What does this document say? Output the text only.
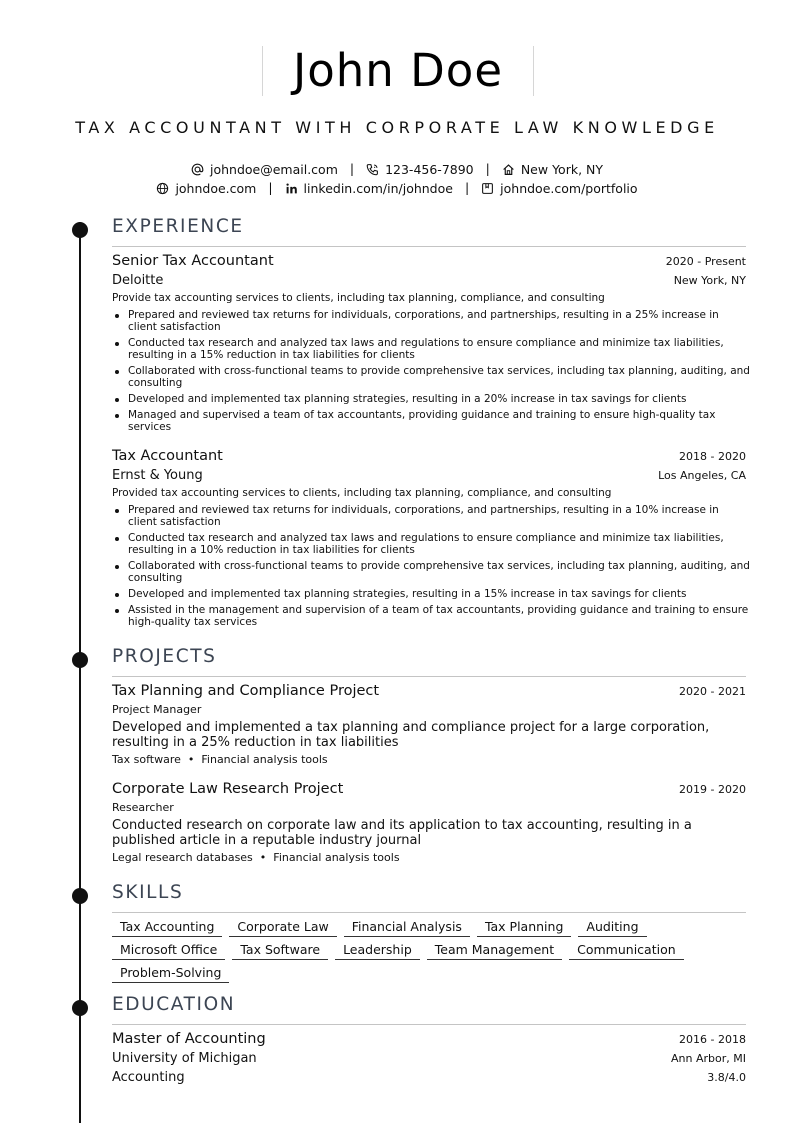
John Doe
TAX ACCOUNTANT WITH CORPORATE LAW KNOWLEDGE
johndoe@email.com | 123-456-7890 | New York, NY
johndoe.com | linkedin.com/in/johndoe | johndoe.com/portfolio
EXPERIENCE
Senior Tax Accountant	2020 - Present
Deloitte	New York, NY
Provide tax accounting services to clients, including tax planning, compliance, and consulting
Prepared and reviewed tax returns for individuals, corporations, and partnerships, resulting in a 25% increase in client satisfaction
Conducted tax research and analyzed tax laws and regulations to ensure compliance and minimize tax liabilities, resulting in a 15% reduction in tax liabilities for clients
Collaborated with cross-functional teams to provide comprehensive tax services, including tax planning, auditing, and consulting
Developed and implemented tax planning strategies, resulting in a 20% increase in tax savings for clients
Managed and supervised a team of tax accountants, providing guidance and training to ensure high-quality tax services
Tax Accountant	2018 - 2020
Ernst & Young	Los Angeles, CA
Provided tax accounting services to clients, including tax planning, compliance, and consulting
Prepared and reviewed tax returns for individuals, corporations, and partnerships, resulting in a 10% increase in client satisfaction
Conducted tax research and analyzed tax laws and regulations to ensure compliance and minimize tax liabilities, resulting in a 10% reduction in tax liabilities for clients
Collaborated with cross-functional teams to provide comprehensive tax services, including tax planning, auditing, and consulting
Developed and implemented tax planning strategies, resulting in a 15% increase in tax savings for clients
Assisted in the management and supervision of a team of tax accountants, providing guidance and training to ensure high-quality tax services
PROJECTS
Tax Planning and Compliance Project	2020 - 2021
Project Manager
Developed and implemented a tax planning and compliance project for a large corporation, resulting in a 25% reduction in tax liabilities
Tax software • Financial analysis tools
Corporate Law Research Project	2019 - 2020
Researcher
Conducted research on corporate law and its application to tax accounting, resulting in a published article in a reputable industry journal
Legal research databases • Financial analysis tools
SKILLS
Tax Accounting	Corporate Law	Financial Analysis	Tax Planning	Auditing
Microsoft Office	Tax Software	Leadership	Team Management	Communication
Problem-Solving
EDUCATION
Master of Accounting	2016 - 2018
University of Michigan	Ann Arbor, MI
Accounting	3.8/4.0
